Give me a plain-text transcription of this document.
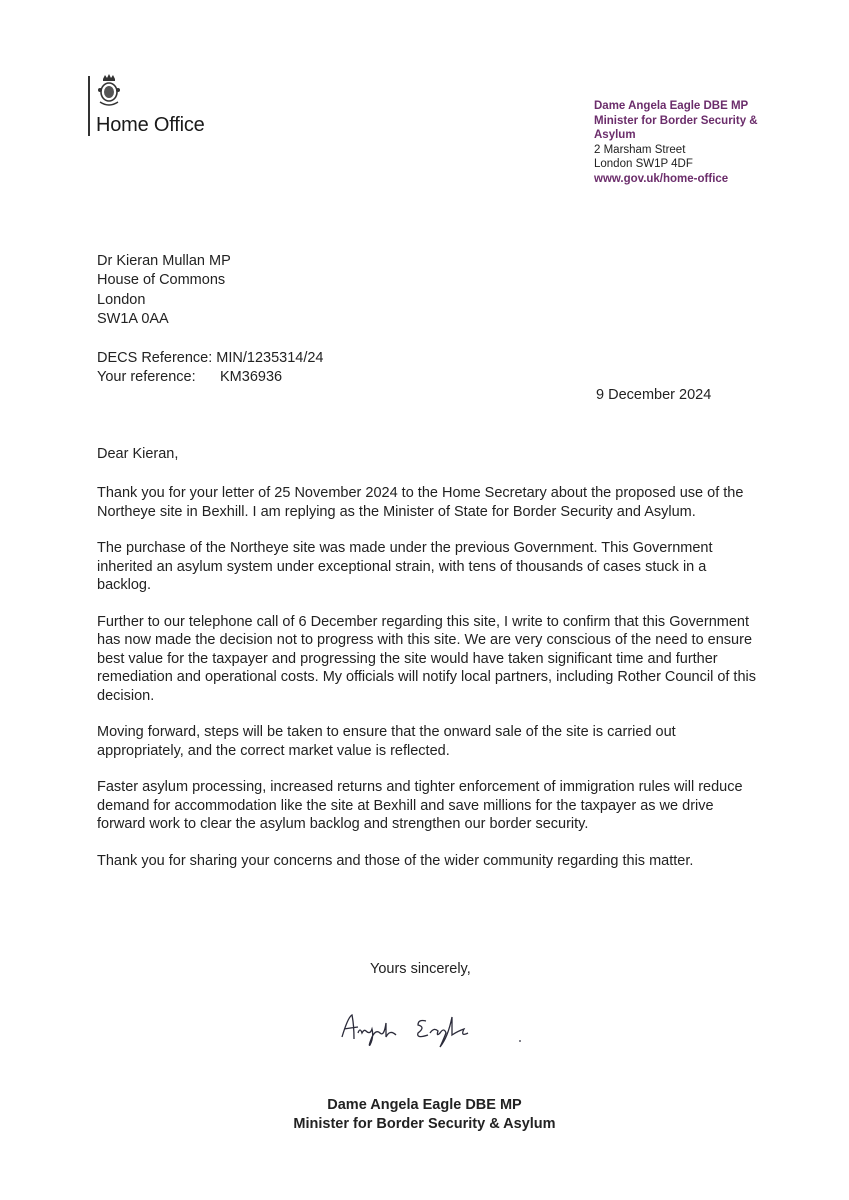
Home Office
Dame Angela Eagle DBE MP
Minister for Border Security &
Asylum
2 Marsham Street
London SW1P 4DF
www.gov.uk/home-office
Dr Kieran Mullan MP
House of Commons
London
SW1A 0AA
DECS Reference: MIN/1235314/24
Your reference: KM36936
9 December 2024
Dear Kieran,

Thank you for your letter of 25 November 2024 to the Home Secretary about the proposed use of the Northeye site in Bexhill. I am replying as the Minister of State for Border Security and Asylum.

The purchase of the Northeye site was made under the previous Government. This Government inherited an asylum system under exceptional strain, with tens of thousands of cases stuck in a backlog.

Further to our telephone call of 6 December regarding this site, I write to confirm that this Government has now made the decision not to progress with this site. We are very conscious of the need to ensure best value for the taxpayer and progressing the site would have taken significant time and further remediation and operational costs. My officials will notify local partners, including Rother Council of this decision.

Moving forward, steps will be taken to ensure that the onward sale of the site is carried out appropriately, and the correct market value is reflected.

Faster asylum processing, increased returns and tighter enforcement of immigration rules will reduce demand for accommodation like the site at Bexhill and save millions for the taxpayer as we drive forward work to clear the asylum backlog and strengthen our border security.

Thank you for sharing your concerns and those of the wider community regarding this matter.

Yours sincerely,
Dame Angela Eagle DBE MP
Minister for Border Security & Asylum
